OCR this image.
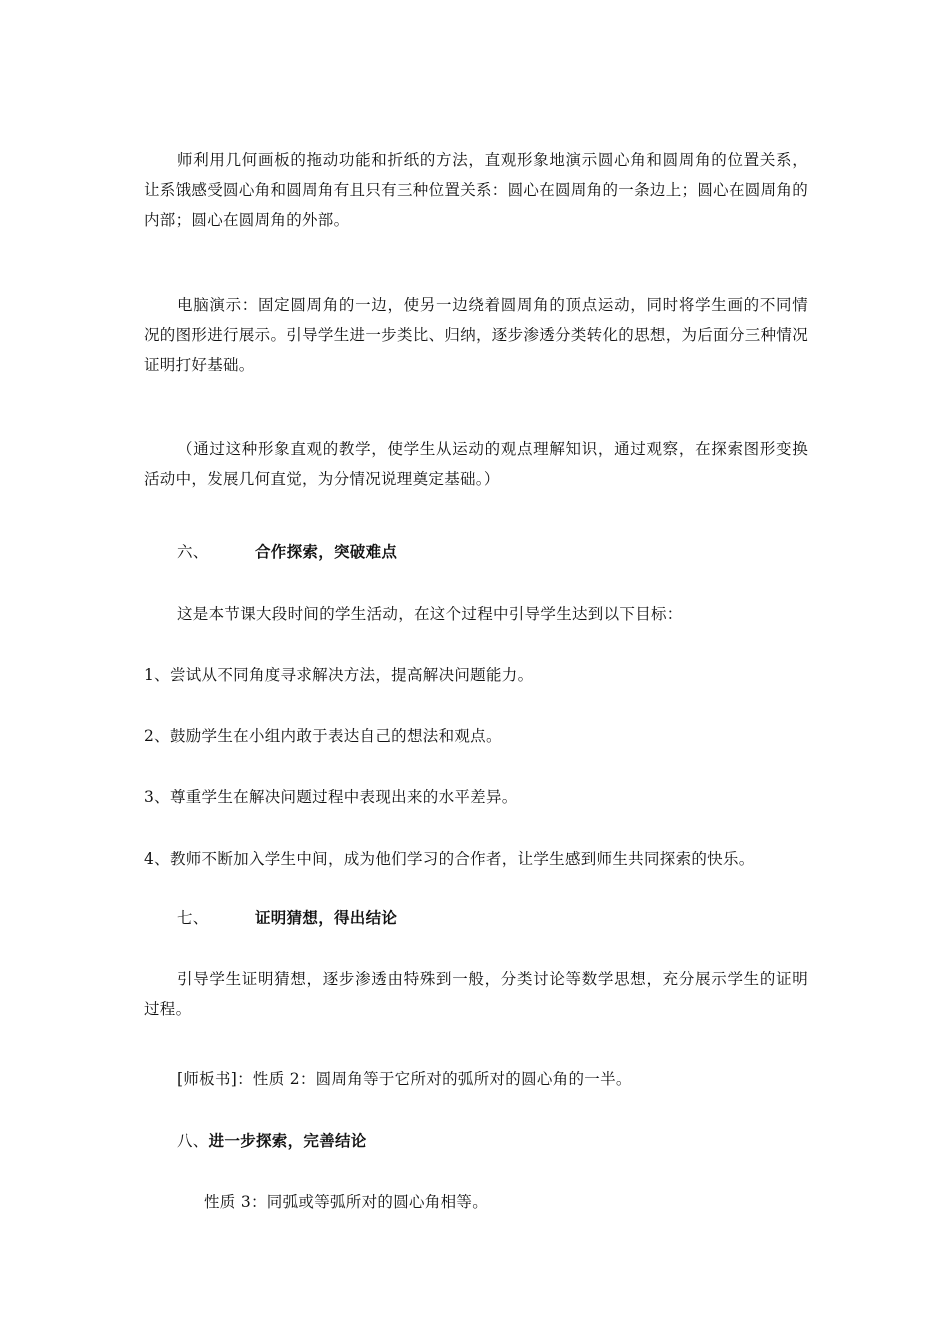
师利用几何画板的拖动功能和折纸的方法，直观形象地演示圆心角和圆周角的位置关系，让系饿感受圆心角和圆周角有且只有三种位置关系：圆心在圆周角的一条边上；圆心在圆周角的内部；圆心在圆周角的外部。

电脑演示：固定圆周角的一边，使另一边绕着圆周角的顶点运动，同时将学生画的不同情况的图形进行展示。引导学生进一步类比、归纳，逐步渗透分类转化的思想，为后面分三种情况证明打好基础。

（通过这种形象直观的教学，使学生从运动的观点理解知识，通过观察，在探索图形变换活动中，发展几何直觉，为分情况说理奠定基础。）

六、	合作探索，突破难点

这是本节课大段时间的学生活动，在这个过程中引导学生达到以下目标：

1、尝试从不同角度寻求解决方法，提高解决问题能力。

2、鼓励学生在小组内敢于表达自己的想法和观点。

3、尊重学生在解决问题过程中表现出来的水平差异。

4、教师不断加入学生中间，成为他们学习的合作者，让学生感到师生共同探索的快乐。

七、	证明猜想，得出结论

引导学生证明猜想，逐步渗透由特殊到一般，分类讨论等数学思想，充分展示学生的证明过程。

[师板书]：性质 2：圆周角等于它所对的弧所对的圆心角的一半。

八、进一步探索，完善结论

性质 3：同弧或等弧所对的圆心角相等。
